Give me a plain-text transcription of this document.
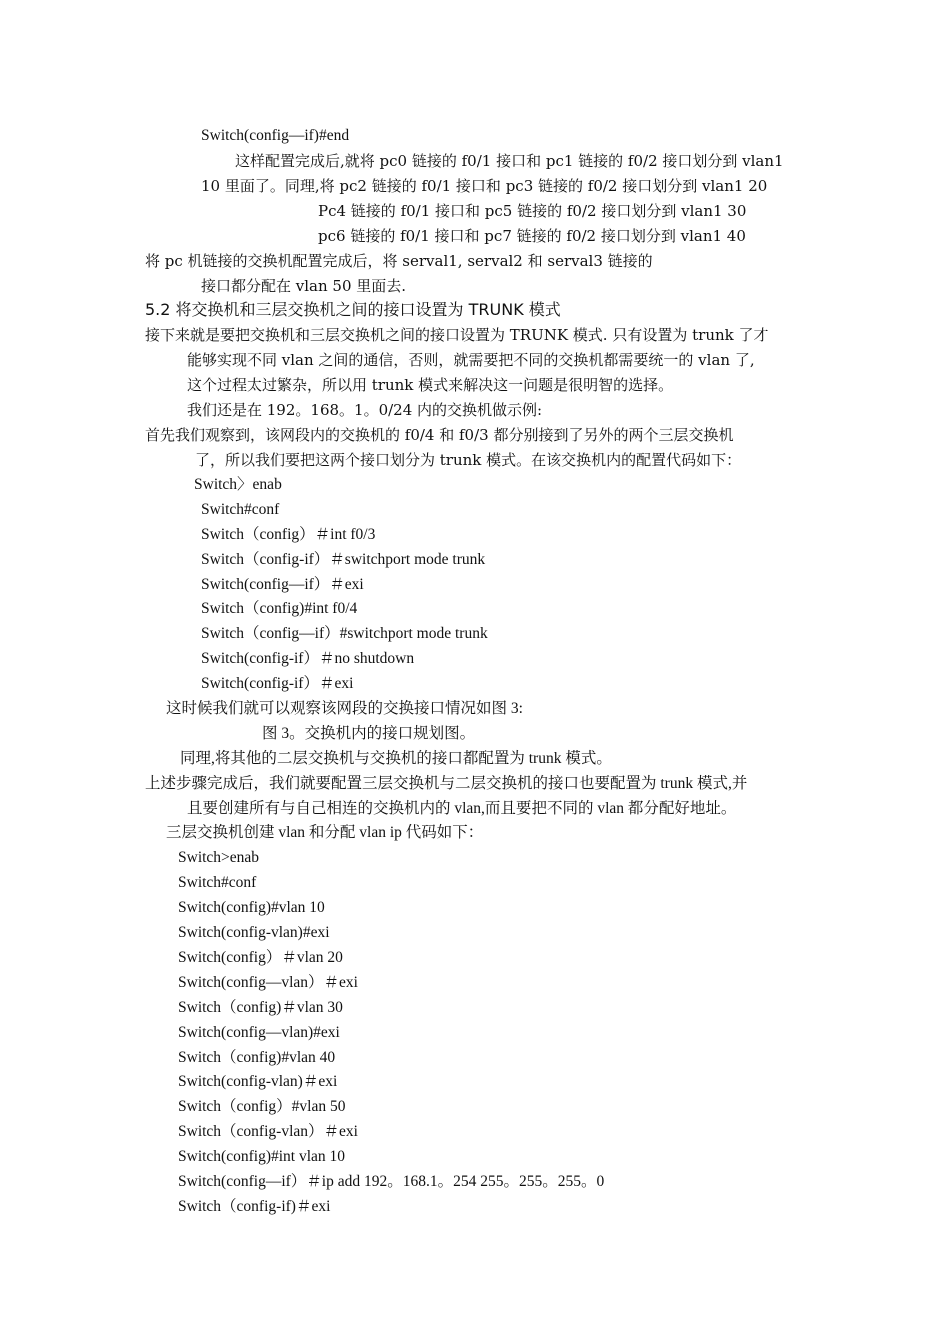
Switch(config—if)#end
这样配置完成后,就将 pc0 链接的 f0/1 接口和 pc1 链接的 f0/2 接口划分到 vlan1
10 里面了。同理,将 pc2 链接的 f0/1 接口和 pc3 链接的 f0/2 接口划分到 vlan1 20
Pc4 链接的 f0/1 接口和 pc5 链接的 f0/2 接口划分到 vlan1 30
pc6 链接的 f0/1 接口和 pc7 链接的 f0/2 接口划分到 vlan1 40
将 pc 机链接的交换机配置完成后，将 serval1, serval2 和 serval3 链接的
接口都分配在 vlan 50 里面去.
5.2 将交换机和三层交换机之间的接口设置为 TRUNK 模式
接下来就是要把交换机和三层交换机之间的接口设置为 TRUNK 模式. 只有设置为 trunk 了才
能够实现不同 vlan 之间的通信，否则，就需要把不同的交换机都需要统一的 vlan 了,
这个过程太过繁杂，所以用 trunk 模式来解决这一问题是很明智的选择。
我们还是在 192。168。1。0/24 内的交换机做示例:
首先我们观察到，该网段内的交换机的 f0/4 和 f0/3 都分别接到了另外的两个三层交换机
了，所以我们要把这两个接口划分为 trunk 模式。在该交换机内的配置代码如下：
Switch〉enab
Switch#conf
Switch（config）＃int f0/3
Switch（config-if）＃switchport mode trunk
Switch(config—if）＃exi
Switch（config)#int f0/4
Switch（config—if）#switchport mode trunk
Switch(config-if）＃no shutdown
Switch(config-if）＃exi
这时候我们就可以观察该网段的交换接口情况如图 3:
图 3。交换机内的接口规划图。
同理,将其他的二层交换机与交换机的接口都配置为 trunk 模式。
上述步骤完成后，我们就要配置三层交换机与二层交换机的接口也要配置为 trunk 模式,并
且要创建所有与自己相连的交换机内的 vlan,而且要把不同的 vlan 都分配好地址。
三层交换机创建 vlan 和分配 vlan ip 代码如下：
Switch>enab
Switch#conf
Switch(config)#vlan 10
Switch(config-vlan)#exi
Switch(config）＃vlan 20
Switch(config—vlan）＃exi
Switch（config)＃vlan 30
Switch(config—vlan)#exi
Switch（config)#vlan 40
Switch(config-vlan)＃exi
Switch（config）#vlan 50
Switch（config-vlan）＃exi
Switch(config)#int vlan 10
Switch(config—if）＃ip add 192。168.1。254 255。255。255。0
Switch（config-if)＃exi
